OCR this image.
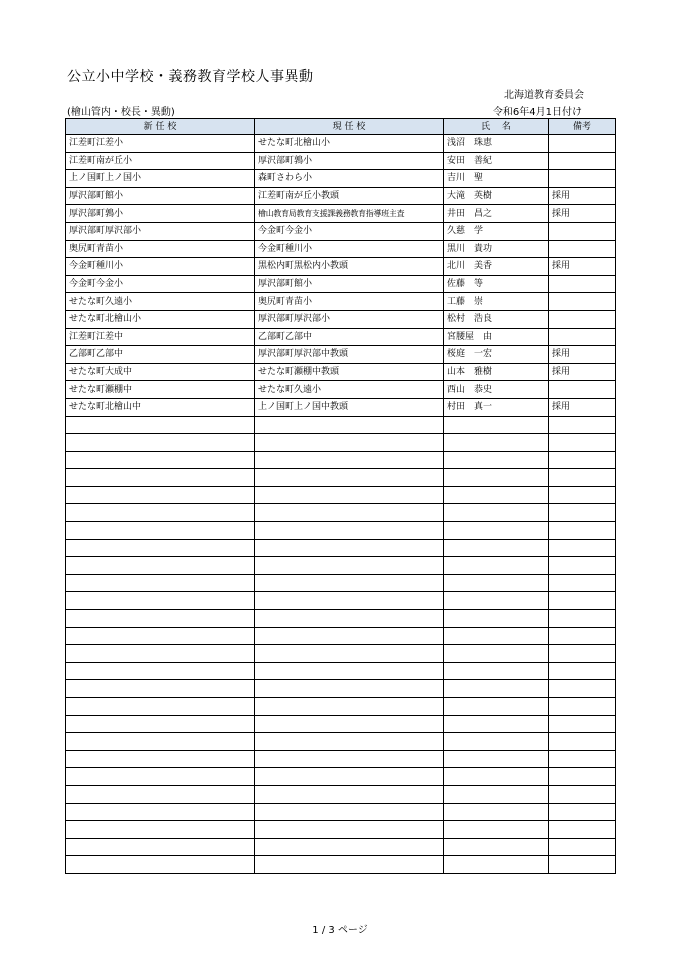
公立小中学校・義務教育学校人事異動
北海道教育委員会
(檜山管内・校長・異動)	令和6年4月1日付け
新 任 校	現 任 校	氏　 名	備考
江差町江差小	せたな町北檜山小	浅沼　珠恵	
江差町南が丘小	厚沢部町鶉小	安田　善紀	
上ノ国町上ノ国小	森町さわら小	吉川　聖	
厚沢部町館小	江差町南が丘小教頭	大滝　英樹	採用
厚沢部町鶉小	檜山教育局教育支援課義務教育指導班主査	井田　昌之	採用
厚沢部町厚沢部小	今金町今金小	久慈　学	
奥尻町青苗小	今金町種川小	黒川　貴功	
今金町種川小	黒松内町黒松内小教頭	北川　美香	採用
今金町今金小	厚沢部町館小	佐藤　等	
せたな町久遠小	奥尻町青苗小	工藤　崇	
せたな町北檜山小	厚沢部町厚沢部小	松村　浩良	
江差町江差中	乙部町乙部中	宮腰屋　由	
乙部町乙部中	厚沢部町厚沢部中教頭	桜庭　一宏	採用
せたな町大成中	せたな町瀬棚中教頭	山本　雅樹	採用
せたな町瀬棚中	せたな町久遠小	西山　恭史	
せたな町北檜山中	上ノ国町上ノ国中教頭	村田　真一	採用

1 / 3 ページ
